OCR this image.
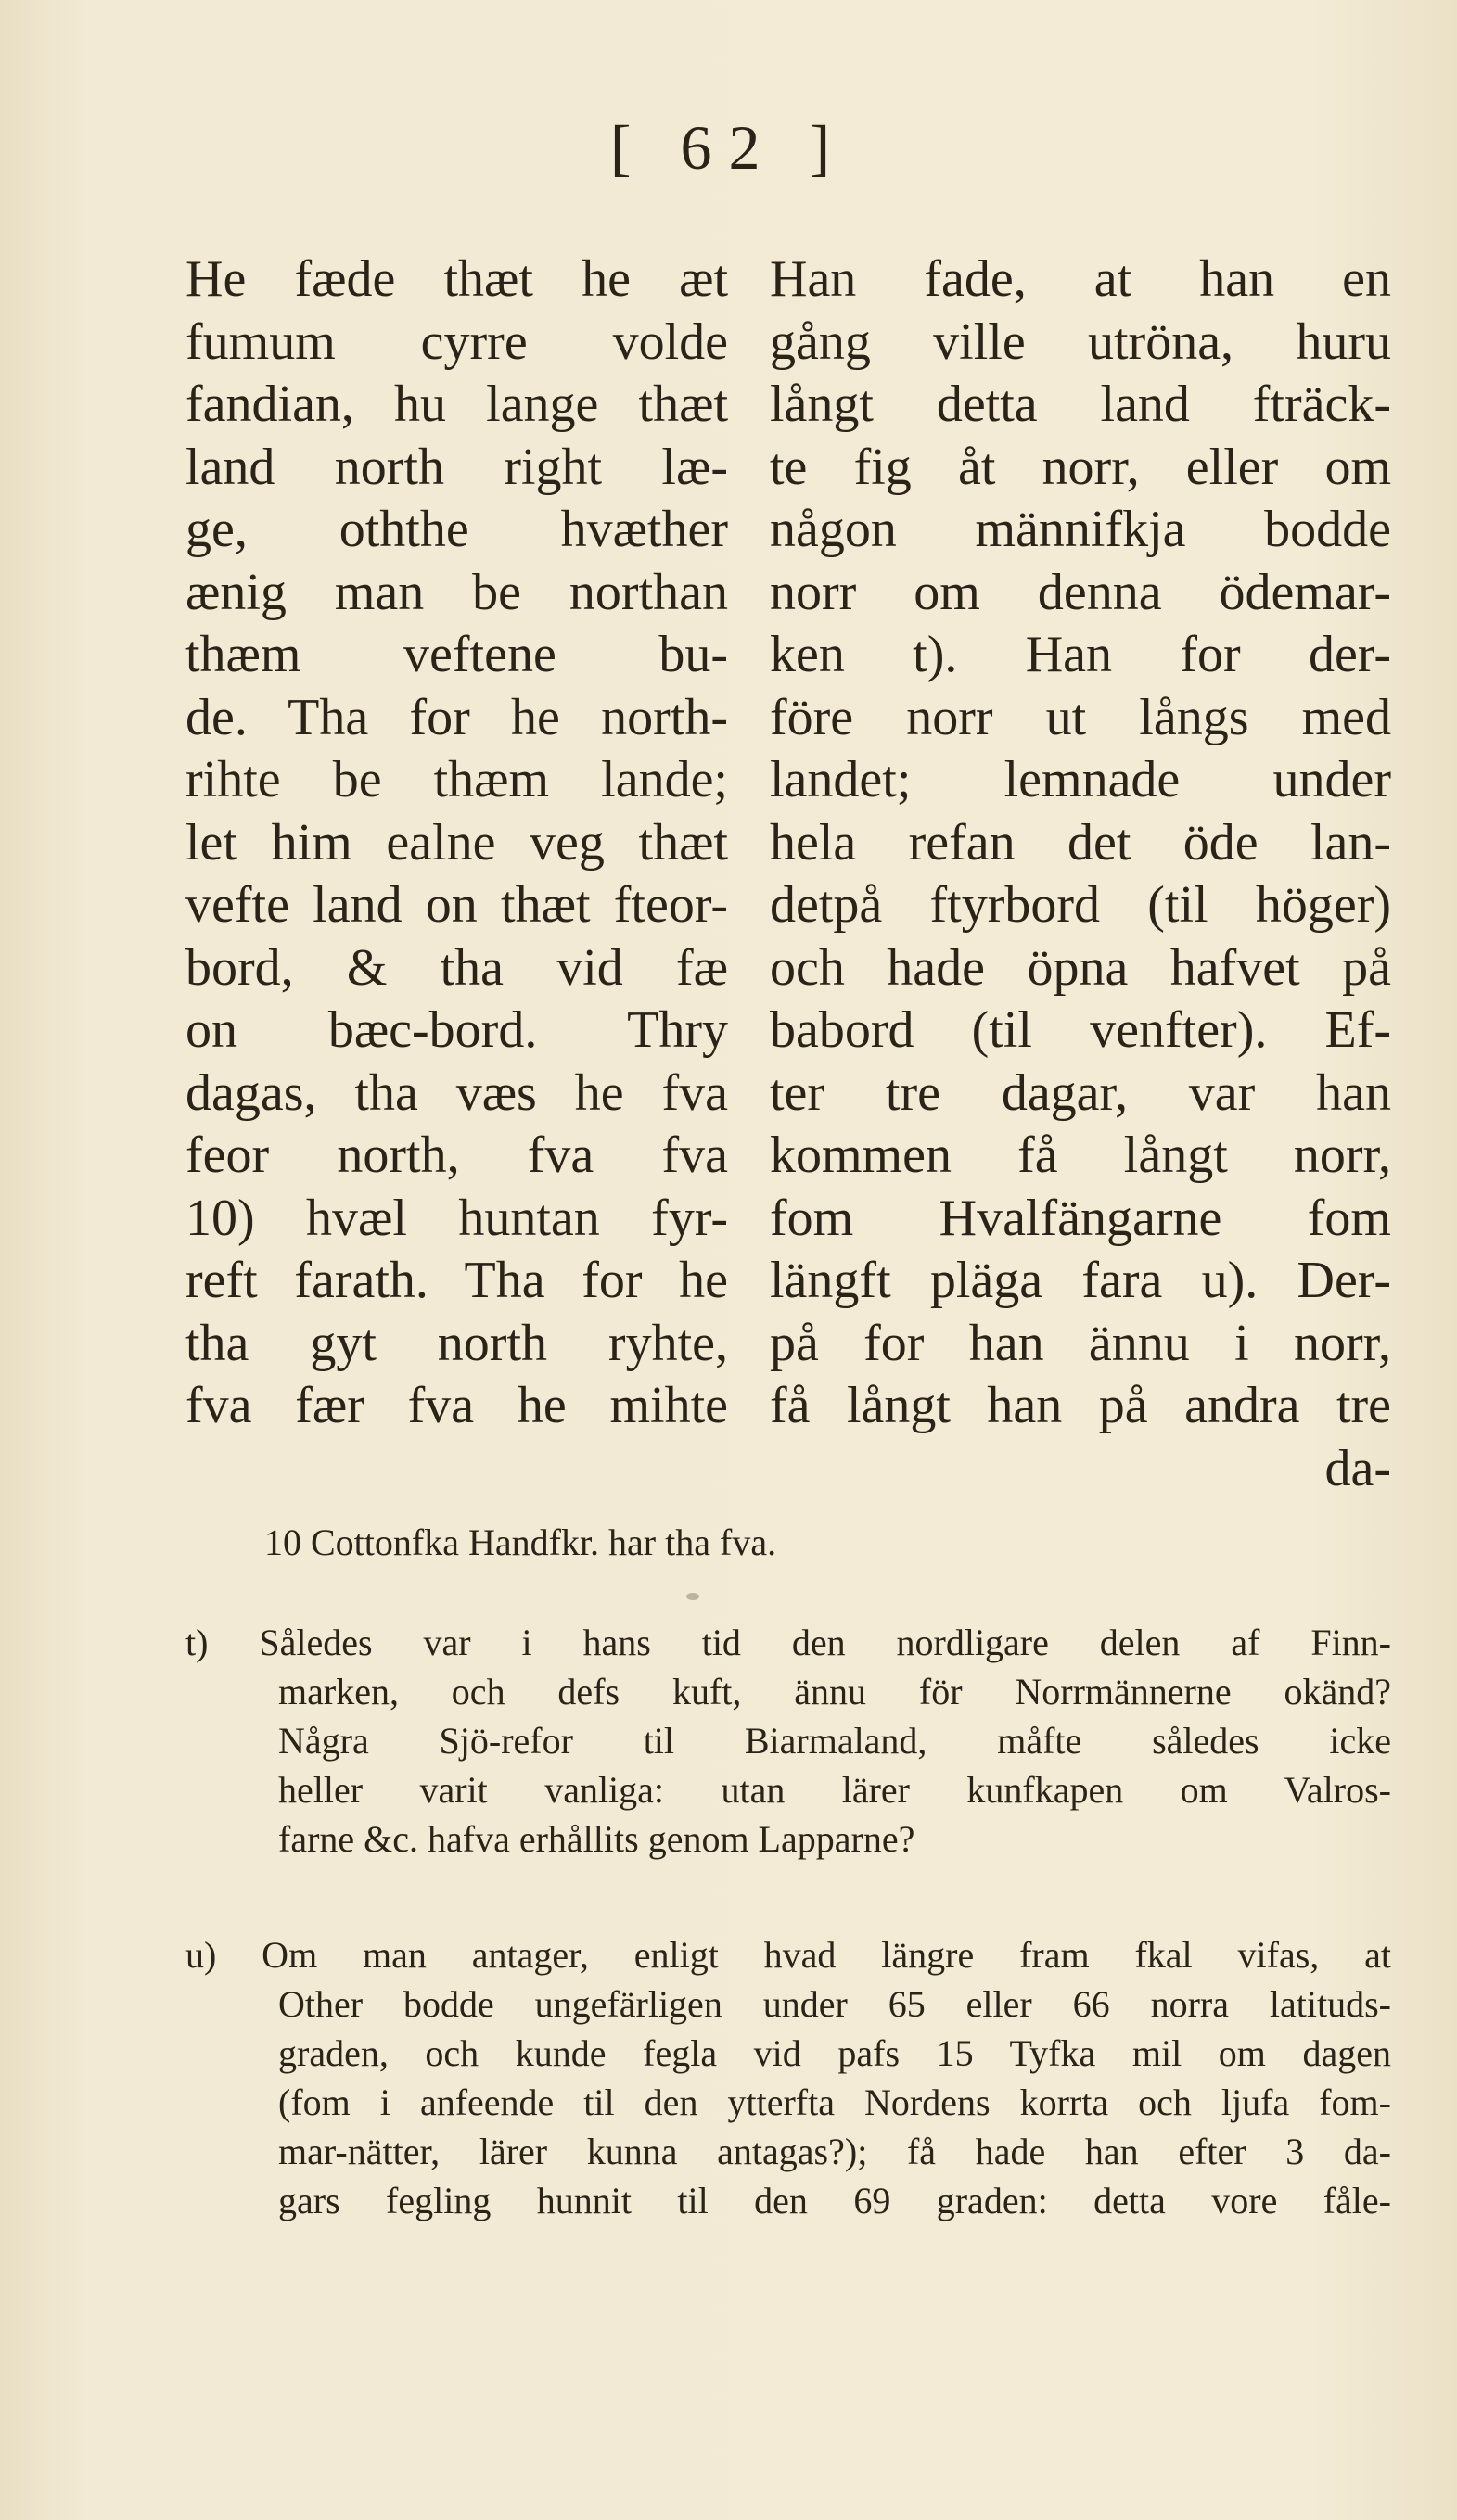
[ 62 ]
He fæde thæt he æt
fumum cyrre volde
fandian, hu lange thæt
land north right læ-
ge, oththe hvæther
ænig man be northan
thæm veftene bu-
de. Tha for he north-
rihte be thæm lande;
let him ealne veg thæt
vefte land on thæt fteor-
bord, & tha vid fæ
on bæc-bord. Thry
dagas, tha væs he fva
feor north, fva fva
10) hvæl huntan fyr-
reft farath. Tha for he
tha gyt north ryhte,
fva fær fva he mihte
Han fade, at han en
gång ville utröna, huru
långt detta land fträck-
te fig åt norr, eller om
någon männifkja bodde
norr om denna ödemar-
ken t). Han for der-
före norr ut långs med
landet; lemnade under
hela refan det öde lan-
detpå ftyrbord (til höger)
och hade öpna hafvet på
babord (til venfter). Ef-
ter tre dagar, var han
kommen få långt norr,
fom Hvalfängarne fom
längft pläga fara u). Der-
på for han ännu i norr,
få långt han på andra tre
da-
10 Cottonfka Handfkr. har tha fva.
t) Således var i hans tid den nordligare delen af Finn-
marken, och defs kuft, ännu för Norrmännerne okänd?
Några Sjö-refor til Biarmaland, måfte således icke
heller varit vanliga: utan lärer kunfkapen om Valros-
farne &c. hafva erhållits genom Lapparne?
u) Om man antager, enligt hvad längre fram fkal vifas, at
Other bodde ungefärligen under 65 eller 66 norra latituds-
graden, och kunde fegla vid pafs 15 Tyfka mil om dagen
(fom i anfeende til den ytterfta Nordens korrta och ljufa fom-
mar-nätter, lärer kunna antagas?); få hade han efter 3 da-
gars fegling hunnit til den 69 graden: detta vore fåle-
